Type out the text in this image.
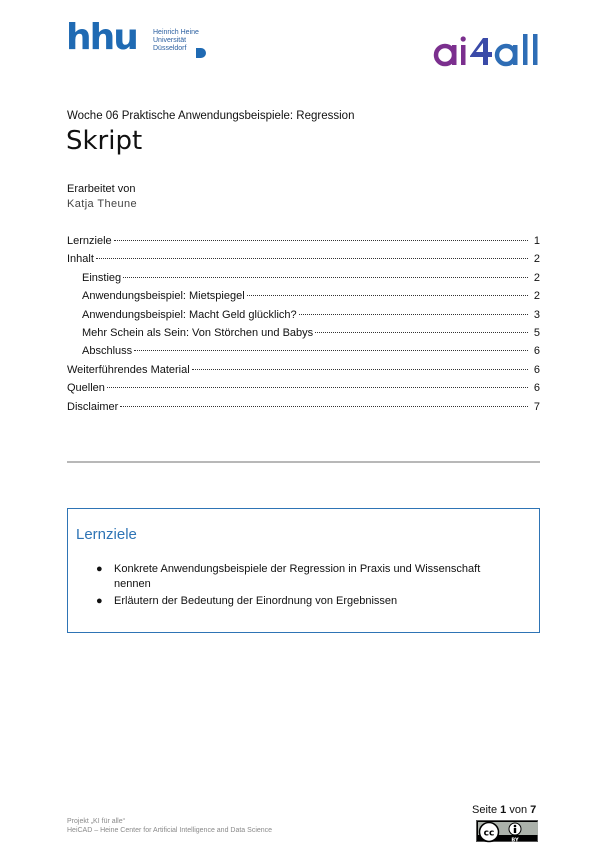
hhu Heinrich Heine
Universität
Düsseldorf
Woche 06 Praktische Anwendungsbeispiele: Regression
Skript
Erarbeitet von
Katja Theune
Lernziele	1
Inhalt	2
Einstieg	2
Anwendungsbeispiel: Mietspiegel	2
Anwendungsbeispiel: Macht Geld glücklich?	3
Mehr Schein als Sein: Von Störchen und Babys	5
Abschluss	6
Weiterführendes Material	6
Quellen	6
Disclaimer	7
Lernziele
● Konkrete Anwendungsbeispiele der Regression in Praxis und Wissenschaft nennen
● Erläutern der Bedeutung der Einordnung von Ergebnissen
Projekt „KI für alle“
HeiCAD – Heine Center for Artificial Intelligence and Data Science
Seite 1 von 7
cc
BY
